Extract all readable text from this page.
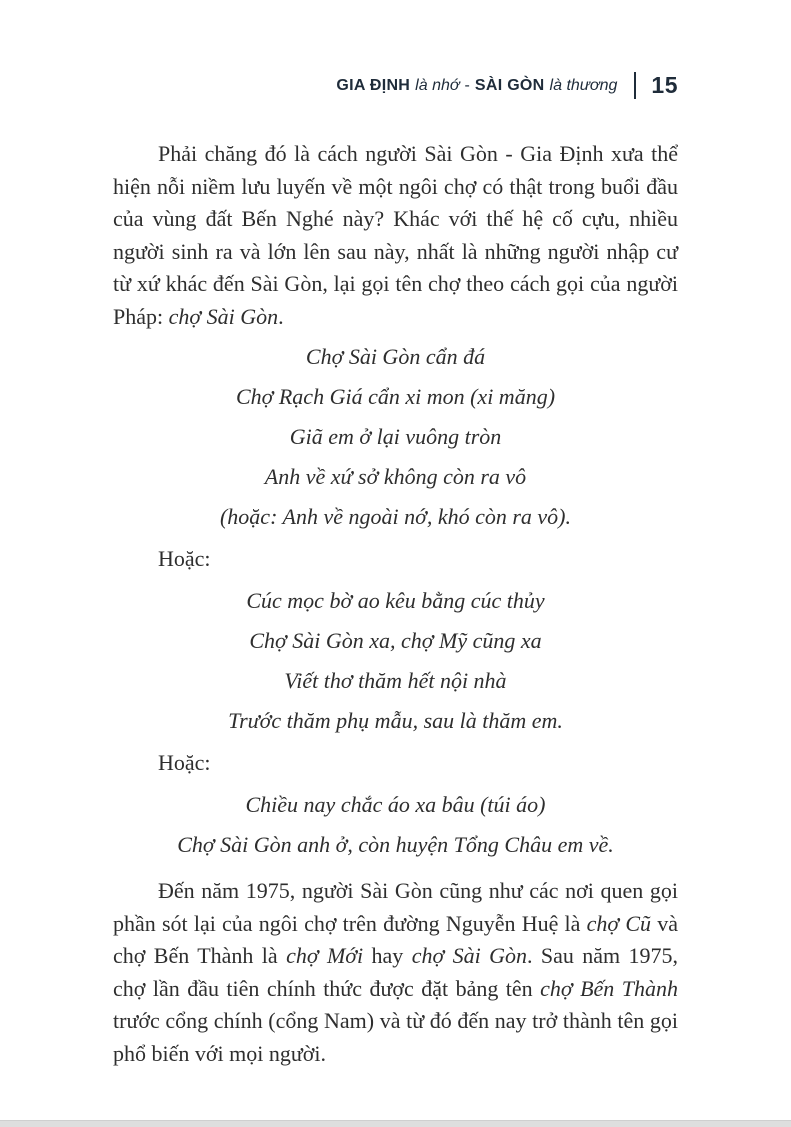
GIA ĐỊNH là nhớ - SÀI GÒN là thương 15

Phải chăng đó là cách người Sài Gòn - Gia Định xưa thể hiện nỗi niềm lưu luyến về một ngôi chợ có thật trong buổi đầu của vùng đất Bến Nghé này? Khác với thế hệ cố cựu, nhiều người sinh ra và lớn lên sau này, nhất là những người nhập cư từ xứ khác đến Sài Gòn, lại gọi tên chợ theo cách gọi của người Pháp: chợ Sài Gòn.

Chợ Sài Gòn cẩn đá
Chợ Rạch Giá cẩn xi mon (xi măng)
Giã em ở lại vuông tròn
Anh về xứ sở không còn ra vô
(hoặc: Anh về ngoài nớ, khó còn ra vô).

Hoặc:

Cúc mọc bờ ao kêu bằng cúc thủy
Chợ Sài Gòn xa, chợ Mỹ cũng xa
Viết thơ thăm hết nội nhà
Trước thăm phụ mẫu, sau là thăm em.

Hoặc:

Chiều nay chắc áo xa bâu (túi áo)
Chợ Sài Gòn anh ở, còn huyện Tổng Châu em về.

Đến năm 1975, người Sài Gòn cũng như các nơi quen gọi phần sót lại của ngôi chợ trên đường Nguyễn Huệ là chợ Cũ và chợ Bến Thành là chợ Mới hay chợ Sài Gòn. Sau năm 1975, chợ lần đầu tiên chính thức được đặt bảng tên chợ Bến Thành trước cổng chính (cổng Nam) và từ đó đến nay trở thành tên gọi phổ biến với mọi người.
